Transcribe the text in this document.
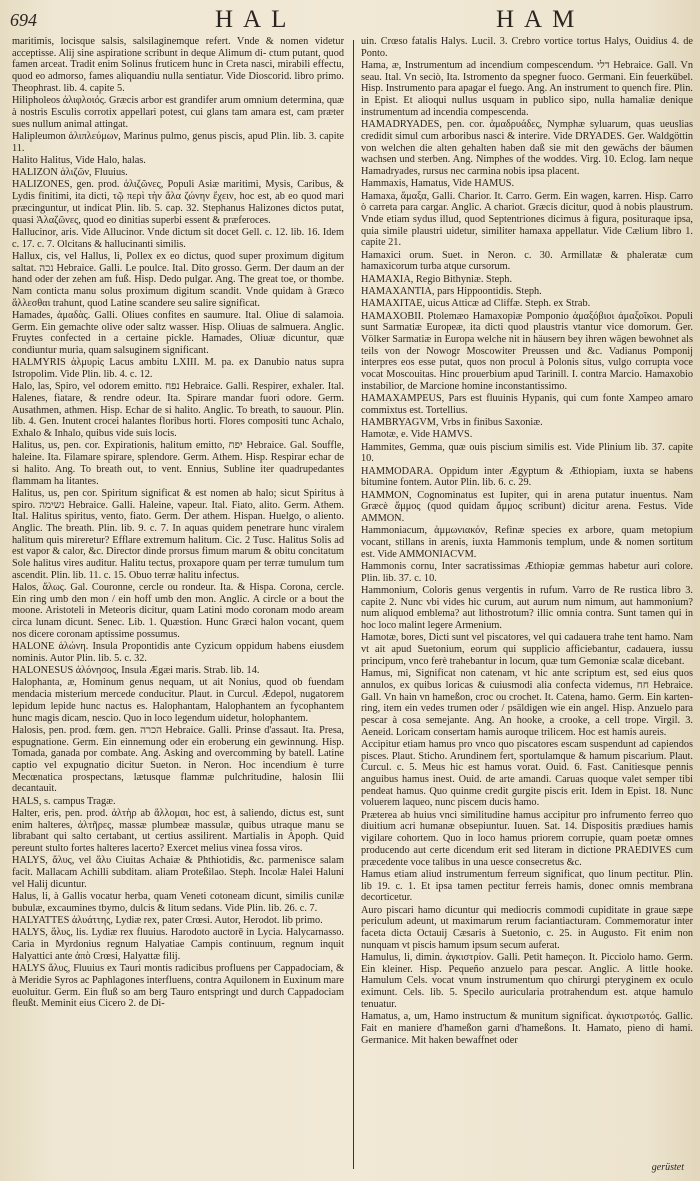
694	HAL	HAM

maritimis, locisque salsis, salsilaginemque refert. Vnde & nomen videtur acceptisse. Alij sine aspiratione scribunt in deque Alimum di- ctum putant, quod famen arceat. Tradit enim Solinus fruticem hunc in Creta nasci, mirabili effectu, quod eo admorso, fames aliquandiu nulla sentiatur. Vide Dioscorid. libro primo. Theophrast. lib. 4. capite 5.

Hilipholeos ἁλιφλοιός. Græcis arbor est grandifer arum omnium determina, quæ à nostris Esculis corrotix appellari potest, cui glans tam amara est, cam præter sues nullum animal attingat.

Halipleumon ἁλιπλεύμων, Marinus pulmo, genus piscis, apud Plin. lib. 3. capite 11.

Halito Halitus, Vide Halo, halas.

HALIZON ἁλιζῶν, Fluuius.

HALIZONES, gen. prod. ἁλιζῶνες, Populi Asiæ maritimi, Mysis, Caribus, & Lydis finitimi, ita dicti, τῷ περὶ τὴν ἅλα ζώνην ἔχειν, hoc est, ab eo quod mari præcinguntur, ut indicat Plin. lib. 5. cap. 32. Stephanus Halizones dictos putat, quasi Ἀλαζῶνες, quod eo dinitias superbi essent & præferoces.

Hallucinor, aris. Vide Allucinor. Vnde dictum sit docet Gell. c. 12. lib. 16. Idem c. 17. c. 7. Olcitans & hallucinanti similis.

Hallux, cis, vel Hallus, li, Pollex ex eo dictus, quod super proximum digitum saltat. נכה Hebraice. Galli. Le poulce. Ital. Dito grosso. Germ. Der daum an der hand oder der zehen am fuß. Hisp. Dedo pulgar. Ang. The great toe, or thombe. Nam conticta manu solus proximum digitum scandit. Vnde quidam à Græco ἅλλεσθαι trahunt, quod Latine scandere seu salire significat.

Hamades, ἁμαδὰς. Galli. Oliues confites en saumure. Ital. Oliue di salamoia. Germ. Ein gemachte olive oder saltz wasser. Hisp. Oliuas de salmuera. Anglic. Fruytes confected in a certaine pickle. Hamades, Oliuæ dicuntur, quæ condiuntur muria, quam salsuginem significant.

HALMYRIS ἁλμυρὶς Lacus ambitu LXIII. M. pa. ex Danubio natus supra Istropolim. Vide Plin. lib. 4. c. 12.

Halo, las, Spiro, vel odorem emitto. נפח Hebraice. Galli. Respirer, exhaler. Ital. Halenes, fiatare, & rendre odeur. Ita. Spirare mandar fuori odore. Germ. Ausathmen, athmen. Hisp. Echar de si halito. Anglic. To breath, to sauour. Plin. lib. 4. Gen. Inutent crocei halantes floribus horti. Flores compositi tunc Achalo, Exhalo & Inhalo, quibus vide suis locis.

Halitus, us, pen. cor. Expirationis, halitum emitto, יפח Hebraice. Gal. Souffle, haleine. Ita. Filamare spirare, splendore. Germ. Athem. Hisp. Respirar echar de si halito. Ang. To breath out, to vent. Ennius, Subline iter quadrupedantes flammam ha litantes.

Halitus, us, pen cor. Spiritum significat & est nomen ab halo; sicut Spiritus à spiro. נשימה Hebraice. Galli. Haleine, vapeur. Ital. Fiato, alito. Germ. Athem. Ital. Halitus spiritus, vento, fiato. Germ. Der athem. Hispan. Huelgo, o aliento. Anglic. The breath. Plin. lib. 9. c. 7. In aquas quidem penetrare hunc viralem halitum quis mireretur? Efflare extremum halitum. Cic. 2 Tusc. Halitus Solis ad est vapor & calor, &c. Director dinde prorsus fimum marum & obitu concitatum Sole halitus vires auditur. Halitu tectus, proxapore quam per terræ tumulum tum ascendit. Plin. lib. 11. c. 15. Obuo terræ halitu infectus.

Halos, ἅλως. Gal. Couronne, cercle ou rondeur. Ita. & Hispa. Corona, cercle. Ein ring umb den mon / ein hoff umb den mon. Anglic. A circle or a bout the moone. Aristoteli in Meteoris dicitur, quam Latini modo coronam modo aream circa lunam dicunt. Senec. Lib. 1. Quæstion. Hunc Græci halon vocant, quem nos dicere coronam aptissime possumus.

HALONE ἁλώνη. Insula Propontidis ante Cyzicum oppidum habens eiusdem nominis. Autor Plin. lib. 5. c. 32.

HALONESUS ἁλόνησος, Insula Ægæi maris. Strab. lib. 14.

Halophanta, æ, Hominum genus nequam, ut ait Nonius, quod ob fuendam mendacia misterium mercede conducitur. Plaut. in Curcul. Ædepol, nugatorem lepidum lepide hunc nactus es. Halophantam, Halophantem an fycophantem hunc magis dicam, nescio. Quo in loco legendum uidetur, holophantem.

Halosis, pen. prod. fœm. gen. הכרה Hebraice. Galli. Prinse d'assaut. Ita. Presa, espugnatione. Germ. Ein einnemung oder ein eroberung ein gewinnung. Hisp. Tomada, ganada por combate. Ang. Asking and overcomming by batell. Latine captio vel expugnatio dicitur Sueton. in Neron. Hoc incendium è turre Mecœnatica prospectans, lætusque flammæ pulchritudine, halosin Ilii decantauit.

HALS, s. campus Tragæ.

Halter, eris, pen. prod. ἁλτὴρ ab ἅλλομαι, hoc est, à saliendo, dictus est, sunt enim halteres, ἁλτῆρες, massæ plumbeæ massulæ, quibus utraque manu se librabant qui salto certabant, ut certius assilirent. Martialis in Apoph. Quid pereunt stulto fortes halteres lacerto? Exercet melius vinea fossa viros.

HALYS, ἅλυς, vel ἅλυ Ciuitas Achaiæ & Phthiotidis, &c. parmenisce salam facit. Mallacam Achilli subditam. aliam Proteßilao. Steph. Incolæ Halei Haluni vel Halij dicuntur.

Halus, li, à Gallis vocatur herba, quam Veneti cotoneam dicunt, similis cunilæ bubulæ, excaumines tbymo, dulcis & litum sedans. Vide Plin. lib. 26. c. 7.

HALYATTES ἁλυάττης, Lydiæ rex, pater Crœsi. Autor, Herodot. lib primo.

HALYS, ἅλυς, lis. Lydiæ rex fluuius. Harodoto auctorē in Lycia. Halycarnasso. Caria in Myrdonius regnum Halyatiae Campis continuum, regnum inquit Halyattici ante ἀπὸ Crœsi, Halyattæ filij.

HALYS ἅλυς, Fluuius ex Tauri montis radicibus profluens per Cappadociam, & à Meridie Syros ac Paphlagones interfluens, contra Aquilonem in Euxinum mare euoluitur. Germ. Ein fluß so am berg Tauro entspringt und durch Cappadociam fleußt. Meminit eius Cicero 2. de Di-

uin. Crœso fatalis Halys. Lucil. 3. Crebro vortice tortus Halys, Ouidius 4. de Ponto.

Hama, æ, Instrumentum ad incendium compescendum. דלי Hebraice. Gall. Vn seau. Ital. Vn seciò, Ita. Istromento da spegner fuoco. Germani. Ein feuerkübel. Hisp. Instrumento para apagar el fuego. Ang. An instrument to quench fire. Plin. in Epist. Et alioqui nullus usquam in publico sipo, nulla hamaliæ denique instrumentum ad incendia compescenda.

HAMADRYADES, pen. cor. ἁμαδρυάδες, Nymphæ syluarum, quas ueuslias credidit simul cum arboribus nasci & interire. Vide DRYADES. Ger. Waldgöttin von welchen die alten gehalten haben daß sie mit den gewächs der bäumen wachsen und sterben. Ang. Nimphes of the woddes. Virg. 10. Eclog. Iam neque Hamadryades, rursus nec carmina nobis ipsa placent.

Hammaxis, Hamatus, Vide HAMUS.

Hamaxa, ἅμαξα, Galli. Charior. It. Carro. Germ. Ein wagen, karren. Hisp. Carro ò carreta para cargar. Anglic. A chariot. Græcis dicitur, quod à nobis plaustrum. Vnde etiam sydus illud, quod Septentriones dicimus à figura, posituraque ipsa, quia simile plaustri uidetur, similiter hamaxa appellatur. Vide Cælium libro 1. capite 21.

Hamaxici orum. Suet. in Neron. c. 30. Armillatæ & phaleratæ cum hamaxicorum turba atque cursorum.

HAMAXIA, Regio Bithyniæ. Steph.

HAMAXANTIA, pars Hippoontidis. Steph.

HAMAXITAE, uicus Atticæ ad Cliffæ. Steph. ex Strab.

HAMAXOBII. Ptolemæo Hamaxopiæ Pomponio ἁμαξόβιοι ἀμαξοῖκοι. Populi sunt Sarmatiæ Europeæ, ita dicti quod plaustris vtantur vice domorum. Ger. Völker Sarmatiæ in Europa welche nit in häusern bey ihren wägen bewohnet als teils von der Nowogr Moscowiter Preussen und &c. Vadianus Pomponij interpres eos esse putat, quos non procul à Polonis situs, vulgo corrupta voce vocat Moscouitas. Hinc prouerbium apud Tarinill. I. contra Marcio. Hamaxobio instabilior, de Marcione homine inconstantissimo.

HAMAXAMPEUS, Pars est fluuinis Hypanis, qui cum fonte Xampeo amaro commixtus est. Tortellius.

HAMBRYAGVM, Vrbs in finibus Saxoniæ.

Hamotæ, e. Vide HAMVS.

Hammites, Gemma, quæ ouis piscium similis est. Vide Plinium lib. 37. capite 10.

HAMMODARA. Oppidum inter Ægyptum & Æthiopiam, iuxta se habens bitumine fontem. Autor Plin. lib. 6. c. 29.

HAMMON, Cognominatus est Iupiter, qui in arena putatur inuentus. Nam Græcè ἄμμος (quod quidam ἄμμος scribunt) dicitur arena. Festus. Vide AMMON.

Hammoniacum, ἀμμωνιακόν, Refinæ species ex arbore, quam metopium vocant, stillans in arenis, iuxta Hammonis templum, unde & nomen sortitum est. Vide AMMONIACVM.

Hammonis cornu, Inter sacratissimas Æthiopiæ gemmas habetur auri colore. Plin. lib. 37. c. 10.

Hammonium, Coloris genus vergentis in rufum. Varro de Re rustica libro 3. capite 2. Nunc vbi vides hic curum, aut aurum num nimum, aut hammonium? num aliquod emblema? aut lithostrotum? illic omnia contra. Sunt tamen qui in hoc loco malint legere Armenium.

Hamotæ, bores, Dicti sunt vel piscatores, vel qui cadauera trahe tent hamo. Nam vt ait apud Suetonium, eorum qui supplicio afficiebantur, cadauera, iussu principum, vnco ferè trahebantur in locum, quæ tum Gemoniæ scalæ dicebant.

Hamus, mi, Significat non catenam, vt hic ante scriptum est, sed eius quos annulos, ex quibus loricas & cuiusmodi alia confecta videmus, חח Hebraice. Gall. Vn hain vn hameßon, croc ou crochet. It. Catena, hamo. Germ. Ein karten-ring, item ein vedes trumen oder / psäldigen wie ein angel. Hisp. Anzuelo para pescar à cosa semejante. Ang. An hooke, a crooke, a cell trope. Virgil. 3. Aeneid. Loricam consertam hamis auroque trilicem. Hoc est hamis aureis.

Accipitur etiam hamus pro vnco quo piscatores escam suspendunt ad capiendos pisces. Plaut. Sticho. Arundinem fert, sportulamque & hamum piscarium. Plaut. Curcul. c. 5. Meus hic est hamus vorat. Ouid. 6. Fast. Canitiesque pennis anguibus hamus inest. Ouid. de arte amandi. Caruas quoque valet semper tibi pendeat hamus. Quo quinme credit gurgite piscis erit. Idem in Epist. 18. Nunc voluerem laqueo, nunc piscem ducis hamo.

Præterea ab huius vnci similitudine hamus accipitur pro infrumento ferreo quo diuitium acri humanæ obsepiuntur. Iuuen. Sat. 14. Dispositis prædiues hamis vigilare cohortem. Quo in loco hamus priorem corrupie, quam poetæ omnes producendo aut certe dicendum erit sed literam in dictione PRAEDIVES cum præcedente voce talibus in una uesce consecretus &c.

Hamus etiam aliud instrumentum ferreum significat, quo linum pectitur. Plin. lib 19. c. 1. Et ipsa tamen pectitur ferreis hamis, donec omnis membrana decorticetur.

Auro piscari hamo dicuntur qui mediocris commodi cupiditate in graue sæpe periculum adeunt, ut maximarum rerum faciantiacturam. Commemoratur inter faceta dicta Octauij Cæsaris à Suetonio, c. 25. in Augusto. Fit enim non nunquam vt piscis hamum ipsum secum auferat.

Hamulus, li, dimin. ἀγκιστρίον. Galli. Petit hameçon. It. Picciolo hamo. Germ. Ein kleiner. Hisp. Pequeño anzuelo para pescar. Anglic. A little hooke. Hamulum Cels. vocat vnum instrumentum quo chirurgi pteryginem ex oculo eximunt. Cels. lib. 5. Specilo auricularia protrahendum est. atque hamulo tenuatur.

Hamatus, a, um, Hamo instructum & munitum significat. ἀγκιστρωτός. Gallic. Fait en maniere d'hameßon garni d'hameßons. It. Hamato, pieno di hami. Germanice. Mit haken bewaffnet oder

gerüstet
